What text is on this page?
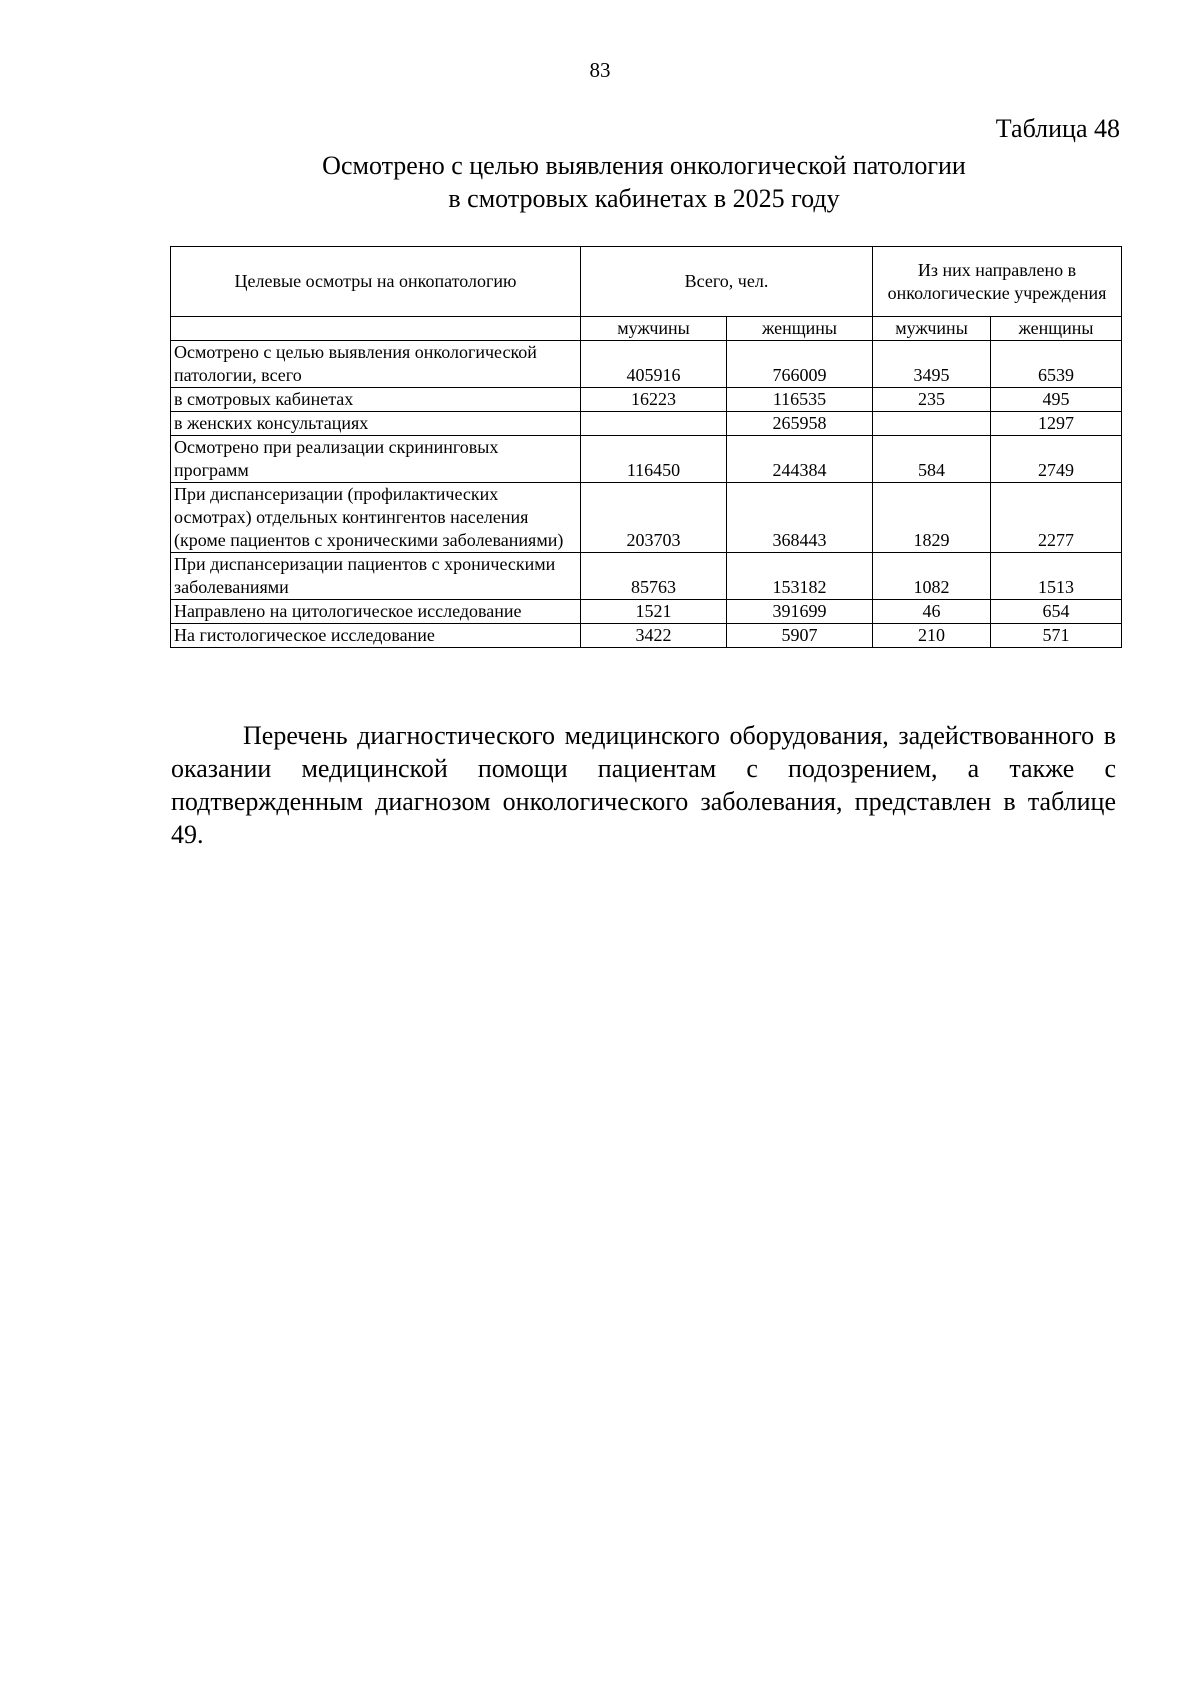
83
Таблица 48
Осмотрено с целью выявления онкологической патологии
в смотровых кабинетах в 2025 году
Целевые осмотры на онкопатологию	Всего, чел.		Из них направлено в онкологические учреждения	
	мужчины	женщины	мужчины	женщины
Осмотрено с целью выявления онкологической патологии, всего	405916	766009	3495	6539
в смотровых кабинетах	16223	116535	235	495
в женских консультациях		265958		1297
Осмотрено при реализации скрининговых программ	116450	244384	584	2749
При диспансеризации (профилактических осмотрах) отдельных контингентов населения (кроме пациентов с хроническими заболеваниями)	203703	368443	1829	2277
При диспансеризации пациентов с хроническими заболеваниями	85763	153182	1082	1513
Направлено на цитологическое исследование	1521	391699	46	654
На гистологическое исследование	3422	5907	210	571
Перечень диагностического медицинского оборудования, задействованного в оказании медицинской помощи пациентам с подозрением, а также с подтвержденным диагнозом онкологического заболевания, представлен в таблице 49.
